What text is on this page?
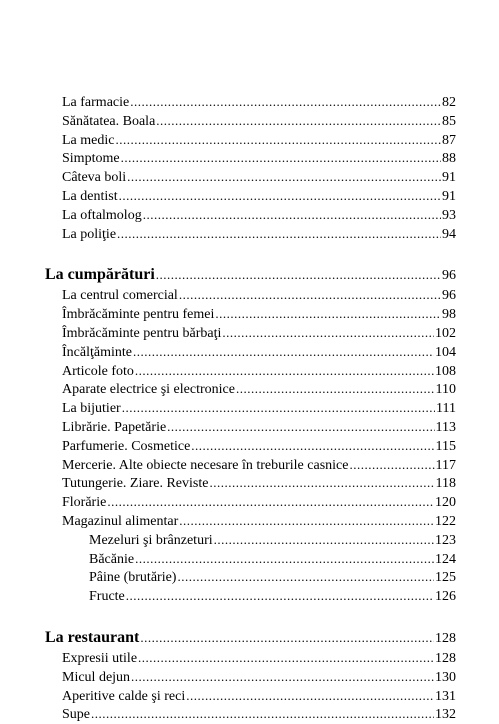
La farmacie .....	82
Sănătatea. Boala .....	85
La medic .....	87
Simptome .....	88
Câteva boli .....	91
La dentist .....	91
La oftalmolog .....	93
La poliţie .....	94
La cumpărături .....	96
La centrul comercial .....	96
Îmbrăcăminte pentru femei .....	98
Îmbrăcăminte pentru bărbaţi .....	102
Încălţăminte .....	104
Articole foto .....	108
Aparate electrice şi electronice .....	110
La bijutier .....	111
Librărie. Papetărie .....	113
Parfumerie. Cosmetice .....	115
Mercerie. Alte obiecte necesare în treburile casnice .....	117
Tutungerie. Ziare. Reviste .....	118
Florărie .....	120
Magazinul alimentar .....	122
Mezeluri şi brânzeturi .....	123
Băcănie .....	124
Pâine (brutărie) .....	125
Fructe .....	126
La restaurant .....	128
Expresii utile .....	128
Micul dejun .....	130
Aperitive calde şi reci .....	131
Supe .....	132
